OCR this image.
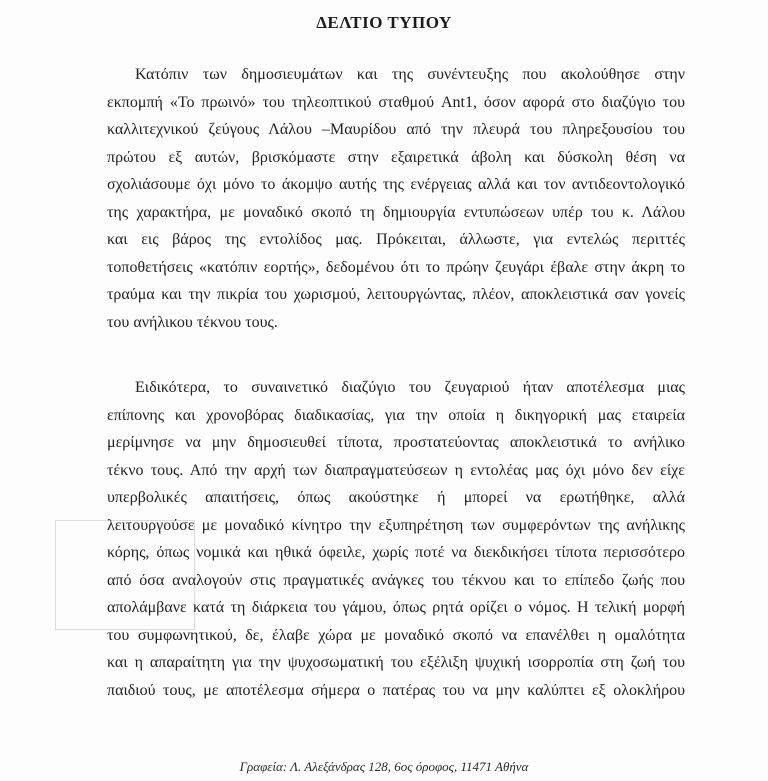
ΔΕΛΤΙΟ ΤΥΠΟΥ
Κατόπιν των δημοσιευμάτων και της συνέντευξης που ακολούθησε στην
εκπομπή «Το πρωινό» του τηλεοπτικού σταθμού Ant1, όσον αφορά στο διαζύγιο του
καλλιτεχνικού ζεύγους Λάλου –Μαυρίδου από την πλευρά του πληρεξουσίου του
πρώτου εξ αυτών, βρισκόμαστε στην εξαιρετικά άβολη και δύσκολη θέση να
σχολιάσουμε όχι μόνο το άκομψο αυτής της ενέργειας αλλά και τον αντιδεοντολογικό
της χαρακτήρα, με μοναδικό σκοπό τη δημιουργία εντυπώσεων υπέρ του κ. Λάλου
και εις βάρος της εντολίδος μας. Πρόκειται, άλλωστε, για εντελώς περιττές
τοποθετήσεις «κατόπιν εορτής», δεδομένου ότι το πρώην ζευγάρι έβαλε στην άκρη το
τραύμα και την πικρία του χωρισμού, λειτουργώντας, πλέον, αποκλειστικά σαν γονείς
του ανήλικου τέκνου τους.
Ειδικότερα, το συναινετικό διαζύγιο του ζευγαριού ήταν αποτέλεσμα μιας
επίπονης και χρονοβόρας διαδικασίας, για την οποία η δικηγορική μας εταιρεία
μερίμνησε να μην δημοσιευθεί τίποτα, προστατεύοντας αποκλειστικά το ανήλικο
τέκνο τους. Από την αρχή των διαπραγματεύσεων η εντολέας μας όχι μόνο δεν είχε
υπερβολικές απαιτήσεις, όπως ακούστηκε ή μπορεί να ερωτήθηκε, αλλά
λειτουργούσε με μοναδικό κίνητρο την εξυπηρέτηση των συμφερόντων της ανήλικης
κόρης, όπως νομικά και ηθικά όφειλε, χωρίς ποτέ να διεκδικήσει τίποτα περισσότερο
από όσα αναλογούν στις πραγματικές ανάγκες του τέκνου και το επίπεδο ζωής που
απολάμβανε κατά τη διάρκεια του γάμου, όπως ρητά ορίζει ο νόμος. Η τελική μορφή
του συμφωνητικού, δε, έλαβε χώρα με μοναδικό σκοπό να επανέλθει η ομαλότητα
και η απαραίτητη για την ψυχοσωματική του εξέλιξη ψυχική ισορροπία στη ζωή του
παιδιού τους, με αποτέλεσμα σήμερα ο πατέρας του να μην καλύπτει εξ ολοκλήρου
Γραφεία: Λ. Αλεξάνδρας 128, 6ος όροφος, 11471 Αθήνα
